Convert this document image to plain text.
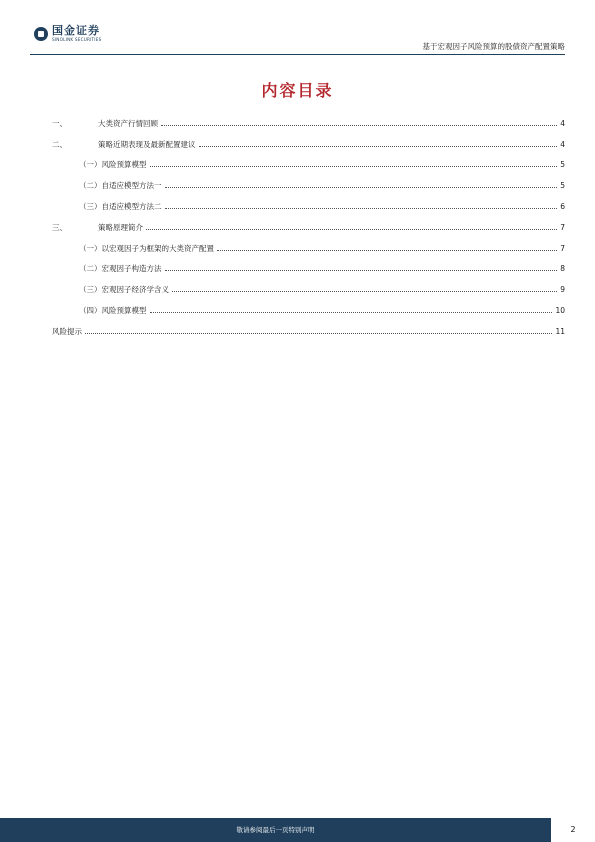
国金证券
SINOLINK SECURITIES
基于宏观因子风险预算的股债资产配置策略
内容目录
一、	大类资产行情回顾	4
二、	策略近期表现及最新配置建议	4
（一）风险预算模型	5
（二）自适应模型方法一	5
（三）自适应模型方法二	6
三、	策略原理简介	7
（一）以宏观因子为框架的大类资产配置	7
（二）宏观因子构造方法	8
（三）宏观因子经济学含义	9
（四）风险预算模型	10
风险提示	11
敬请参阅最后一页特别声明	2
